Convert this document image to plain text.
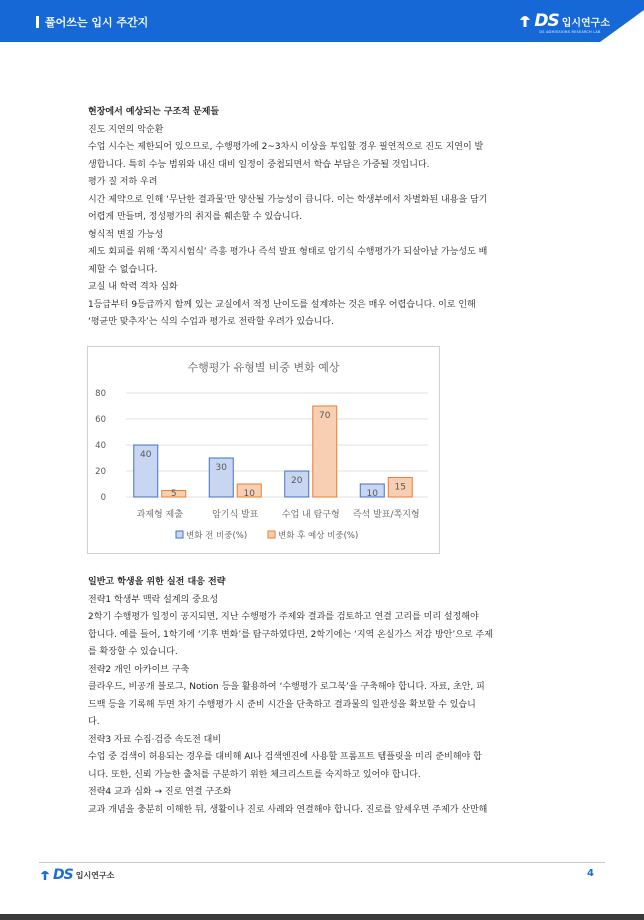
풀어쓰는 입시 주간지	DS 입시연구소
DS ADMISSIONS RESEARCH LAB

현장에서 예상되는 구조적 문제들

진도 지연의 악순환

수업 시수는 제한되어 있으므로, 수행평가에 2~3차시 이상을 투입할 경우 필연적으로 진도 지연이 발

생합니다. 특히 수능 범위와 내신 대비 일정이 중첩되면서 학습 부담은 가중될 것입니다.

평가 질 저하 우려

시간 제약으로 인해 ‘무난한 결과물’만 양산될 가능성이 큽니다. 이는 학생부에서 차별화된 내용을 담기

어렵게 만들며, 정성평가의 취지를 훼손할 수 있습니다.

형식적 변질 가능성

제도 회피를 위해 ‘쪽지시험식’ 즉흥 평가나 즉석 발표 형태로 암기식 수행평가가 되살아날 가능성도 배

제할 수 없습니다.

교실 내 학력 격차 심화

1등급부터 9등급까지 함께 있는 교실에서 적정 난이도를 설계하는 것은 매우 어렵습니다. 이로 인해

‘평균만 맞추자’는 식의 수업과 평가로 전락할 우려가 있습니다.

수행평가 유형별 비중 변화 예상
0
20
40
60
80
40
5
과제형 제출
30
10
암기식 발표
20
70
수업 내 탐구형
10
15
즉석 발표/쪽지형
변화 전 비중(%)	변화 후 예상 비중(%)

일반고 학생을 위한 실전 대응 전략

전략1 학생부 맥락 설계의 중요성

2학기 수행평가 일정이 공지되면, 지난 수행평가 주제와 결과를 검토하고 연결 고리를 미리 설정해야

합니다. 예를 들어, 1학기에 ‘기후 변화’를 탐구하였다면, 2학기에는 ‘지역 온실가스 저감 방안’으로 주제

를 확장할 수 있습니다.

전략2 개인 아카이브 구축

클라우드, 비공개 블로그, Notion 등을 활용하여 ‘수행평가 로그북’을 구축해야 합니다. 자료, 초안, 피

드백 등을 기록해 두면 차기 수행평가 시 준비 시간을 단축하고 결과물의 일관성을 확보할 수 있습니

다.

전략3 자료 수집·검증 속도전 대비

수업 중 검색이 허용되는 경우를 대비해 AI나 검색엔진에 사용할 프롬프트 템플릿을 미리 준비해야 합

니다. 또한, 신뢰 가능한 출처를 구분하기 위한 체크리스트를 숙지하고 있어야 합니다.

전략4 교과 심화 → 진로 연결 구조화

교과 개념을 충분히 이해한 뒤, 생활이나 진로 사례와 연결해야 합니다. 진로를 앞세우면 주제가 산만해

DS 입시연구소	4
